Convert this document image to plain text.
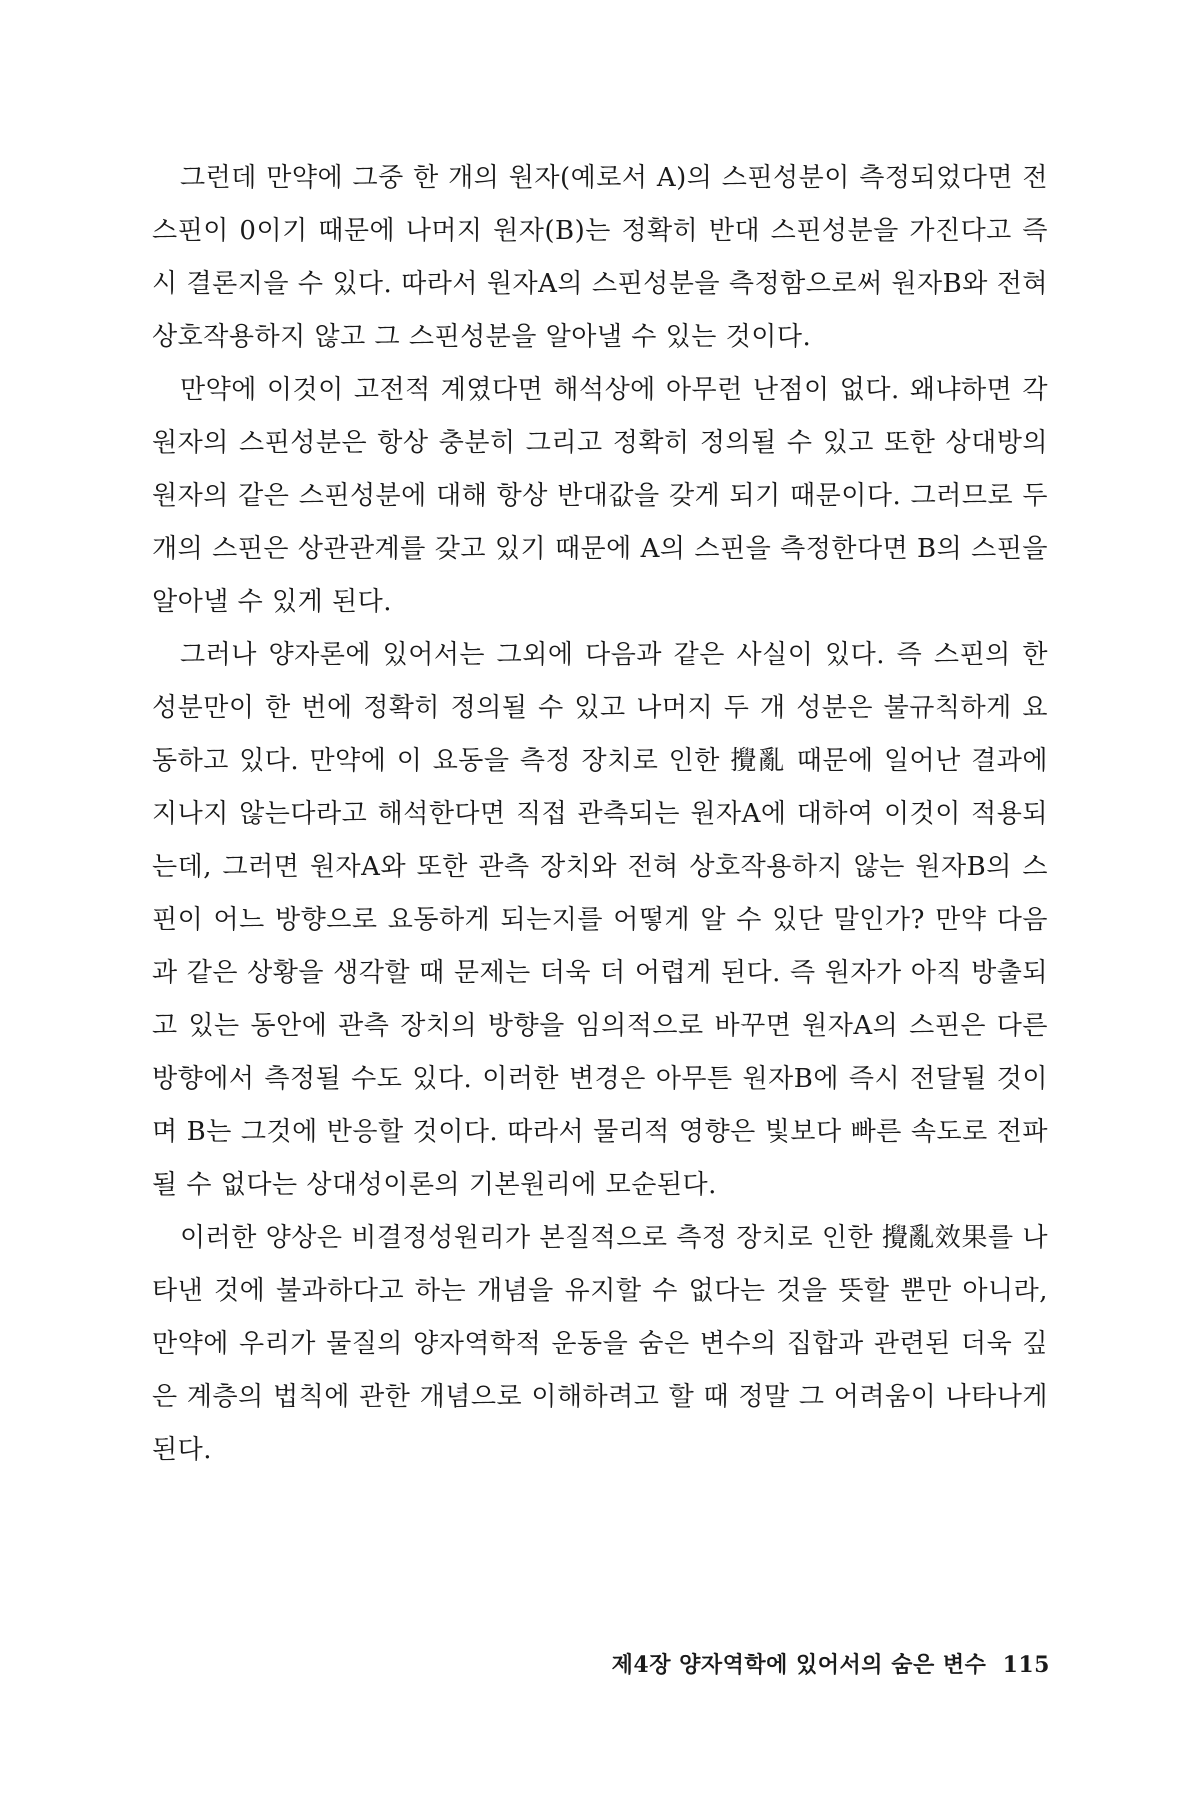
그런데 만약에 그중 한 개의 원자(예로서 A)의 스핀성분이 측정되었다면 전스핀이 0이기 때문에 나머지 원자(B)는 정확히 반대 스핀성분을 가진다고 즉시 결론지을 수 있다. 따라서 원자A의 스핀성분을 측정함으로써 원자B와 전혀 상호작용하지 않고 그 스핀성분을 알아낼 수 있는 것이다.

만약에 이것이 고전적 계였다면 해석상에 아무런 난점이 없다. 왜냐하면 각 원자의 스핀성분은 항상 충분히 그리고 정확히 정의될 수 있고 또한 상대방의 원자의 같은 스핀성분에 대해 항상 반대값을 갖게 되기 때문이다. 그러므로 두 개의 스핀은 상관관계를 갖고 있기 때문에 A의 스핀을 측정한다면 B의 스핀을 알아낼 수 있게 된다.

그러나 양자론에 있어서는 그외에 다음과 같은 사실이 있다. 즉 스핀의 한 성분만이 한 번에 정확히 정의될 수 있고 나머지 두 개 성분은 불규칙하게 요동하고 있다. 만약에 이 요동을 측정 장치로 인한 攪亂 때문에 일어난 결과에 지나지 않는다라고 해석한다면 직접 관측되는 원자A에 대하여 이것이 적용되는데, 그러면 원자A와 또한 관측 장치와 전혀 상호작용하지 않는 원자B의 스핀이 어느 방향으로 요동하게 되는지를 어떻게 알 수 있단 말인가? 만약 다음과 같은 상황을 생각할 때 문제는 더욱 더 어렵게 된다. 즉 원자가 아직 방출되고 있는 동안에 관측 장치의 방향을 임의적으로 바꾸면 원자A의 스핀은 다른 방향에서 측정될 수도 있다. 이러한 변경은 아무튼 원자B에 즉시 전달될 것이며 B는 그것에 반응할 것이다. 따라서 물리적 영향은 빛보다 빠른 속도로 전파될 수 없다는 상대성이론의 기본원리에 모순된다.

이러한 양상은 비결정성원리가 본질적으로 측정 장치로 인한 攪亂效果를 나타낸 것에 불과하다고 하는 개념을 유지할 수 없다는 것을 뜻할 뿐만 아니라, 만약에 우리가 물질의 양자역학적 운동을 숨은 변수의 집합과 관련된 더욱 깊은 계층의 법칙에 관한 개념으로 이해하려고 할 때 정말 그 어려움이 나타나게 된다.

제4장 양자역학에 있어서의 숨은 변수 115
